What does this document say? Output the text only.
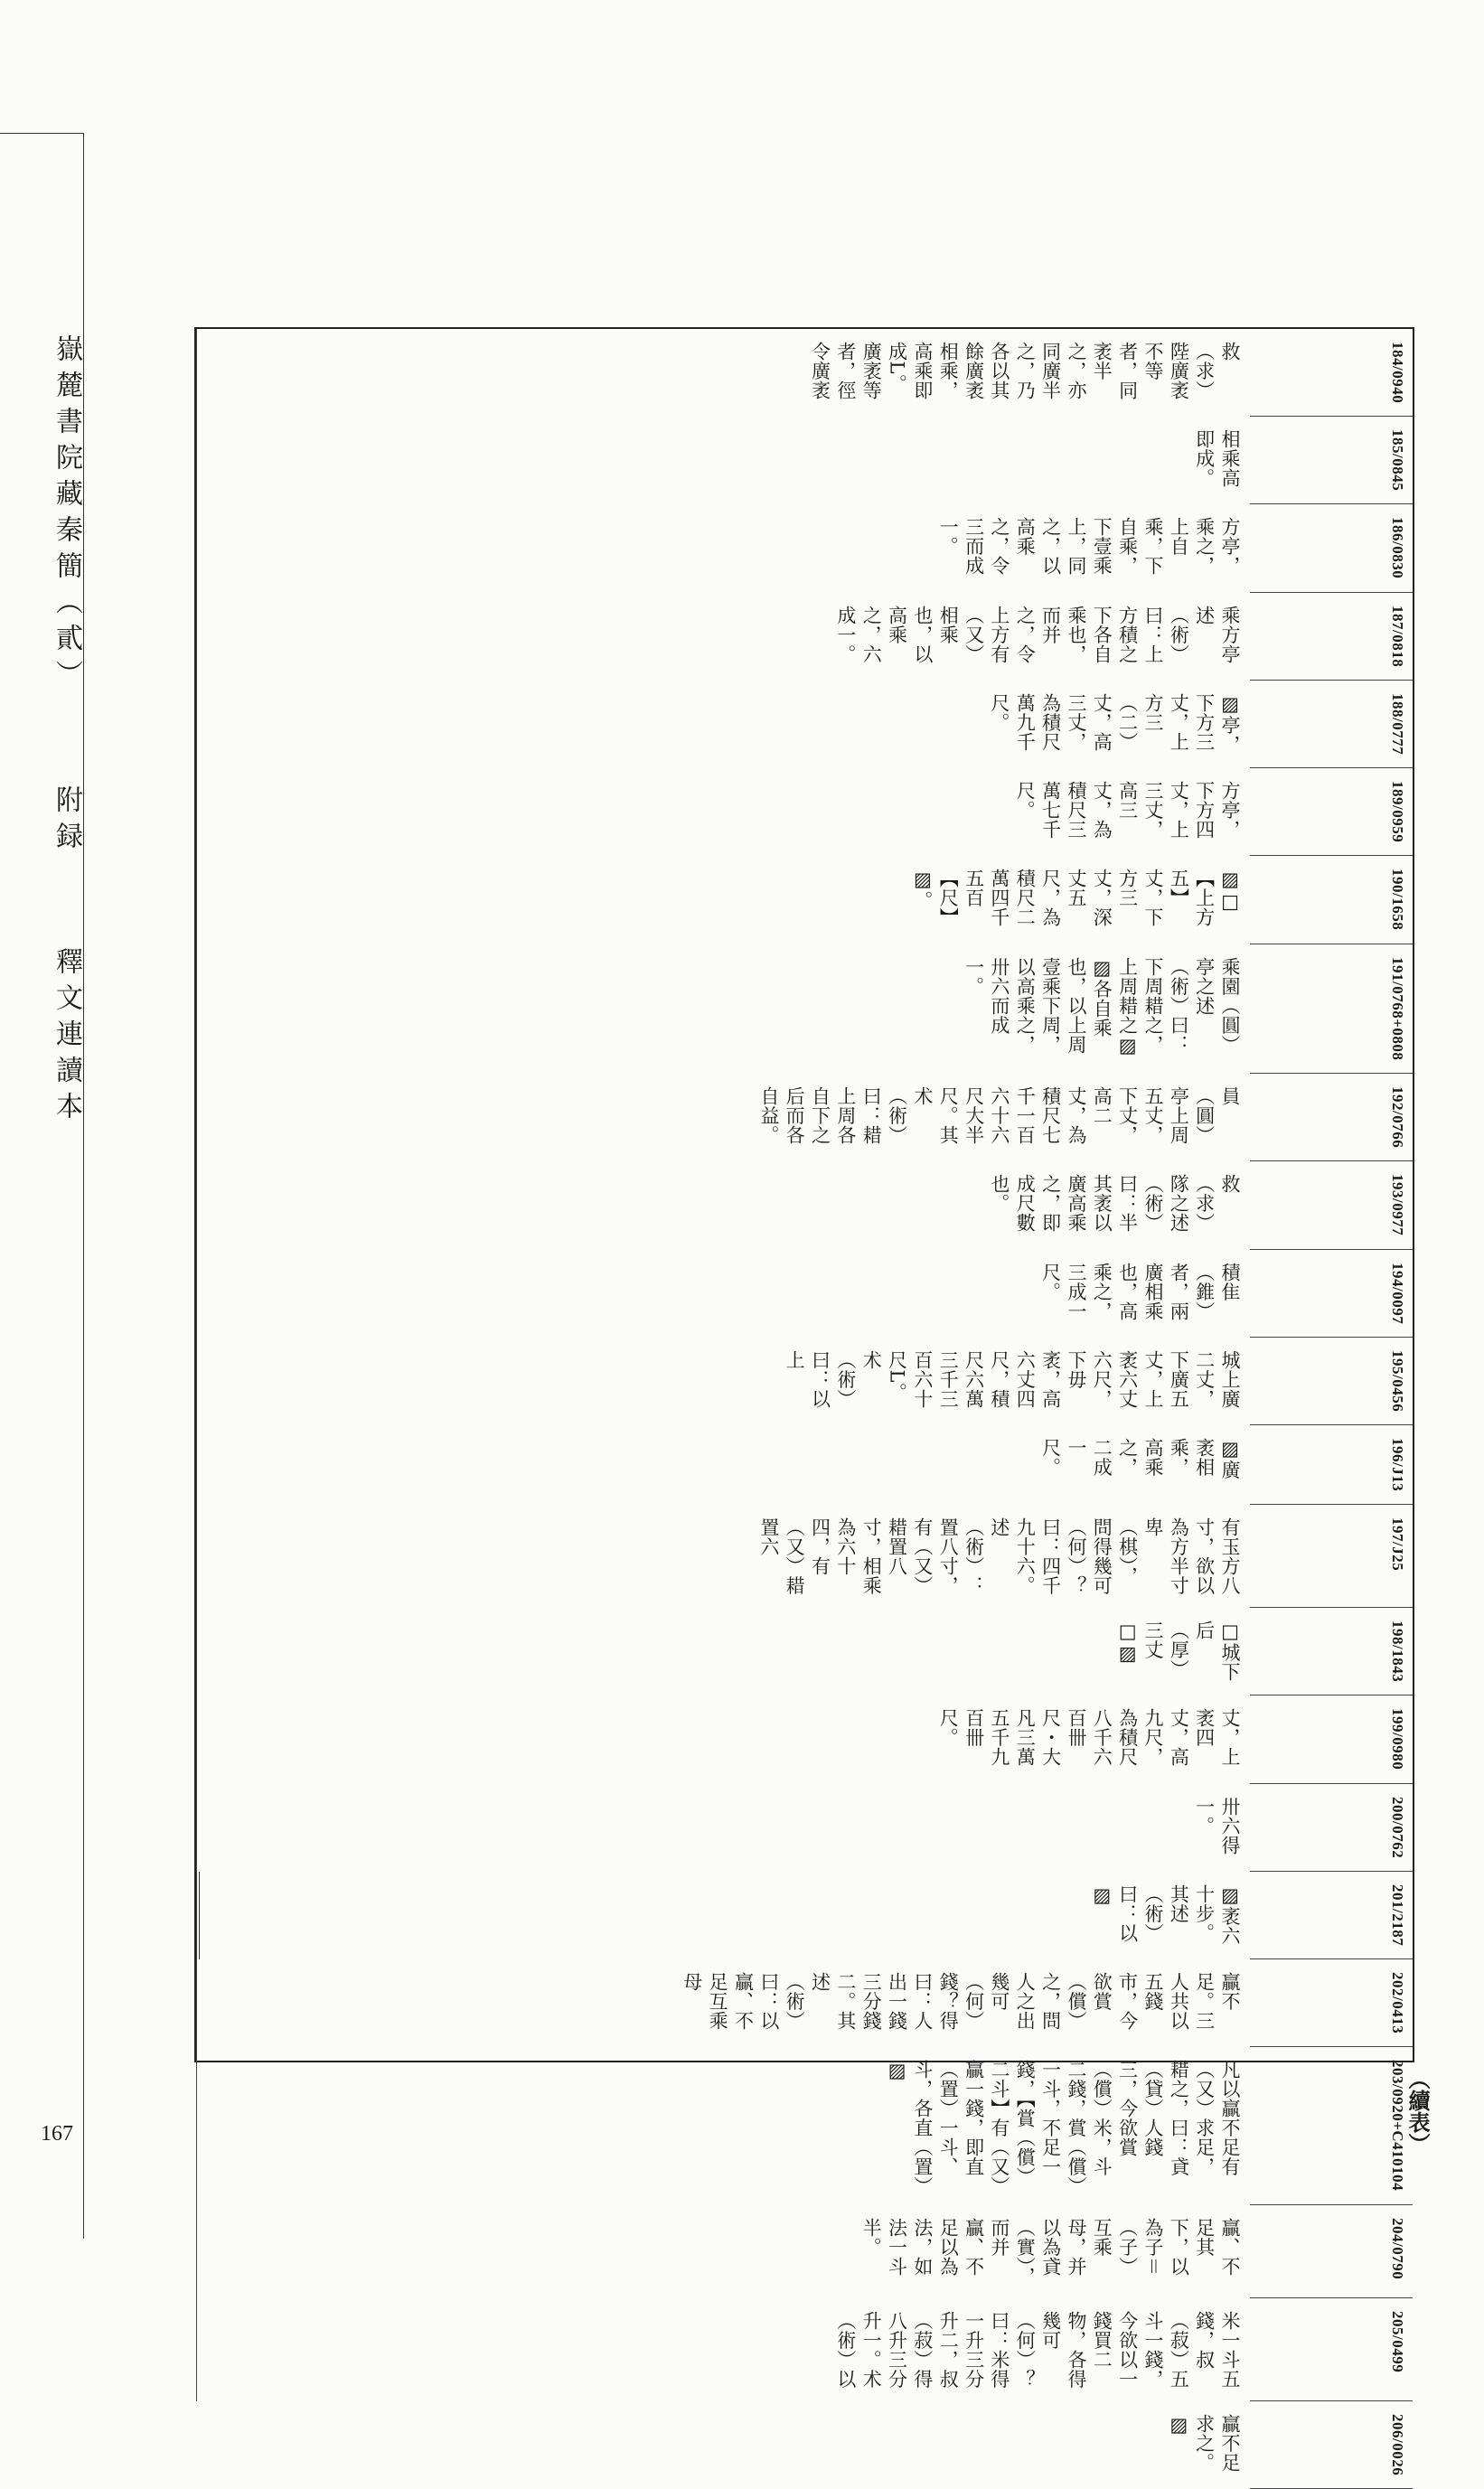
嶽麓書院藏秦簡（貳）  附録  釋文連讀本
167	（續表）
184/0940
救（求）陛廣袤不等者，同袤半之，亦同廣半之，乃各以其餘廣袤相乘，高乘即成L。廣袤等者，徑令廣袤
185/0845
相乘高即成。
186/0830
方亭，乘之，上自乘，下自乘，下壹乘上，同之，以高乘之，令三而成一。
187/0818
乘方亭述（術）曰：上方積之下各自乘也，而并之，令上方有（又）相乘也，以高乘之，六成一。
188/0777
▨亭，下方三丈，上方三（二）丈，高三丈，為積尺萬九千尺。
189/0959
方亭，下方四丈，上三丈，高三丈，為積尺三萬七千尺。
190/1658
▨□【上方五】丈，下方三丈，深丈五尺，為積尺二萬四千五百【尺】▨。
191/0768+0808
乘園（圓）亭之述（術）曰：下周耤之，上周耤之▨　▨各自乘也，以上周壹乘下周，以高乘之，卅六而成一。
192/0766
員（圓）亭上周五丈，下丈，高二丈，為積尺七千一百六十六尺大半尺。其术（術）曰：耤上周各自下之后而各自益。
193/0977
救（求）隊之述（術）曰：半其袤以廣高乘之，即成尺數也。
194/0097
積隹（錐）者，兩廣相乘也，高乘之，三成一尺。
195/0456
城上廣二丈，下廣五丈，上袤六丈六尺，下毋袤，高六丈四尺，積尺六萬三千三百六十尺L。术（術）曰：以上
196/J13
▨廣袤相乘，高乘之，二成一尺。
197/J25
有玉方八寸，欲以為方半寸卑（棋），問得幾可（何）？曰：四千九十六。述（術）：置八寸，有（又）耤置八寸，相乘為六十四，有（又）耤置六
198/1843
□城下后（厚）三丈□▨
199/0980
丈，上袤四丈，高九尺，為積尺八千六百卌尺・大凡三萬五千九百卌尺。
200/0762
卅六得一。
201/2187
▨袤六十步。其述（術）曰：以▨
202/0413
贏不足。三人共以五錢市，今欲賞（償）之，問人之出幾可（何）錢？得曰：人出一錢三分錢二。其述（術）曰：以贏、不足互乘母
203/0920+C410104
凡以贏不足有（又）求足，耤之，曰：貣（貸）人錢三，今欲賞（償）米，斗二錢，賞（償）一斗，不足一錢，【賞（償）二斗】有（又）贏一錢，即直（置）一斗、斗，各直（置）▨
204/0790
贏、不足其下，以為子＝（子）互乘母，并以為貣（實），而并贏、不足以為法，如法一斗半。
205/0499
米一斗五錢，叔（菽）五斗一錢，今欲以一錢買二物，各得幾可（何）？曰：米得一升三分升二，叔（菽）得八升三分升一。术（術）以
206/0026
贏不足求之。▨
